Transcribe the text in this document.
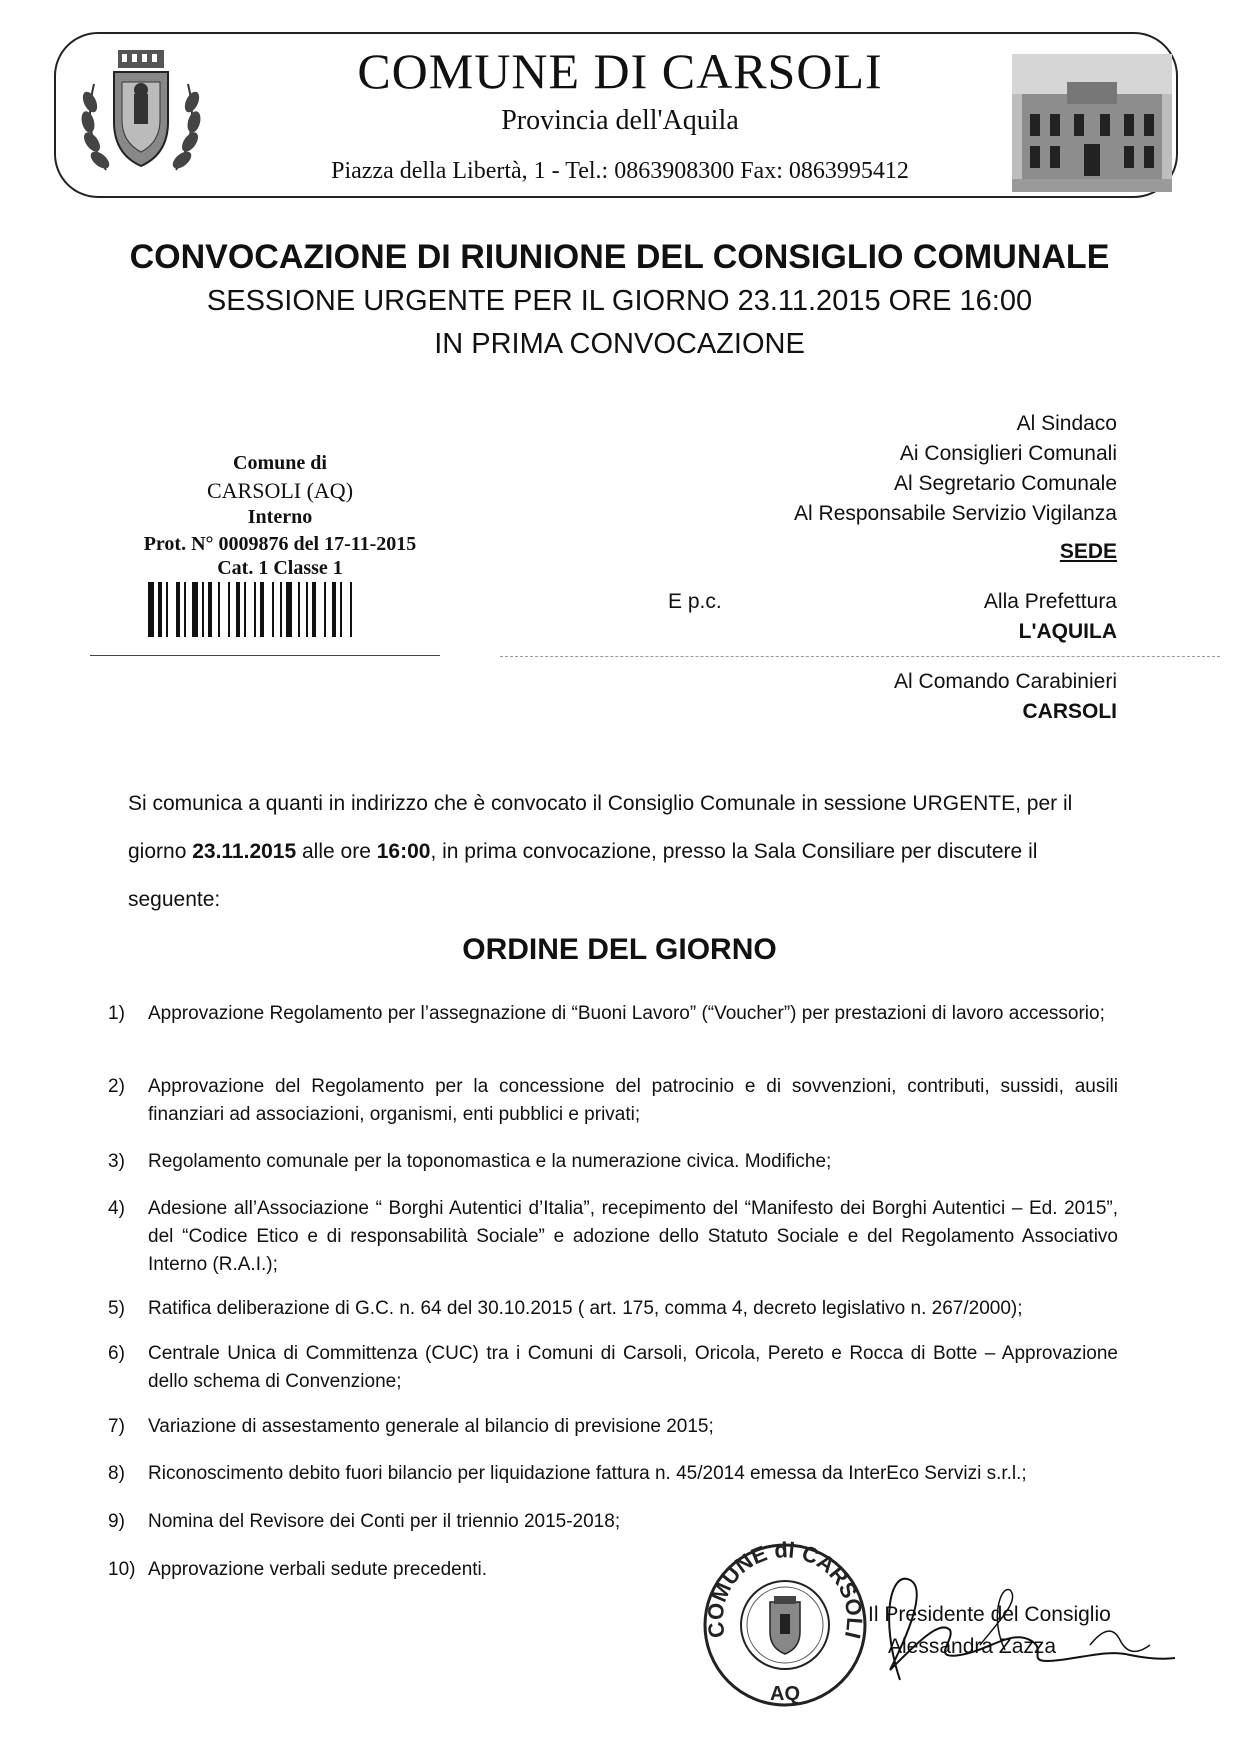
COMUNE DI CARSOLI
Provincia dell'Aquila
Piazza della Libertà, 1 - Tel.: 0863908300 Fax: 0863995412
CONVOCAZIONE DI RIUNIONE DEL CONSIGLIO COMUNALE
SESSIONE URGENTE PER IL GIORNO 23.11.2015 ORE 16:00
IN PRIMA CONVOCAZIONE
Comune di
CARSOLI (AQ)
Interno
Prot. N° 0009876 del 17-11-2015
Cat. 1 Classe 1
Al Sindaco
Ai Consiglieri Comunali
Al Segretario Comunale
Al Responsabile Servizio Vigilanza
SEDE
E p.c.	Alla Prefettura
L'AQUILA
Al Comando Carabinieri
CARSOLI
Si comunica a quanti in indirizzo che è convocato il Consiglio Comunale in sessione URGENTE, per il
giorno 23.11.2015 alle ore 16:00, in prima convocazione, presso la Sala Consiliare per discutere il
seguente:
ORDINE DEL GIORNO
1)	Approvazione Regolamento per l’assegnazione di “Buoni Lavoro” (“Voucher”) per prestazioni di lavoro accessorio;
2)	Approvazione del Regolamento per la concessione del patrocinio e di sovvenzioni, contributi, sussidi, ausili finanziari ad associazioni, organismi, enti pubblici e privati;
3)	Regolamento comunale per la toponomastica e la numerazione civica. Modifiche;
4)	Adesione all’Associazione “ Borghi Autentici d’Italia”, recepimento del “Manifesto dei Borghi Autentici – Ed. 2015”, del “Codice Etico e di responsabilità Sociale” e adozione dello Statuto Sociale e del Regolamento Associativo Interno (R.A.I.);
5)	Ratifica deliberazione di G.C. n. 64 del 30.10.2015 ( art. 175, comma 4, decreto legislativo n. 267/2000);
6)	Centrale Unica di Committenza (CUC) tra i Comuni di Carsoli, Oricola, Pereto e Rocca di Botte – Approvazione dello schema di Convenzione;
7)	Variazione di assestamento generale al bilancio di previsione 2015;
8)	Riconoscimento debito fuori bilancio per liquidazione fattura n. 45/2014 emessa da InterEco Servizi s.r.l.;
9)	Nomina del Revisore dei Conti per il triennio 2015-2018;
10) Approvazione verbali sedute precedenti.
COMUNE di CARSOLI
AQ
Il Presidente del Consiglio
Alessandra Zazza
